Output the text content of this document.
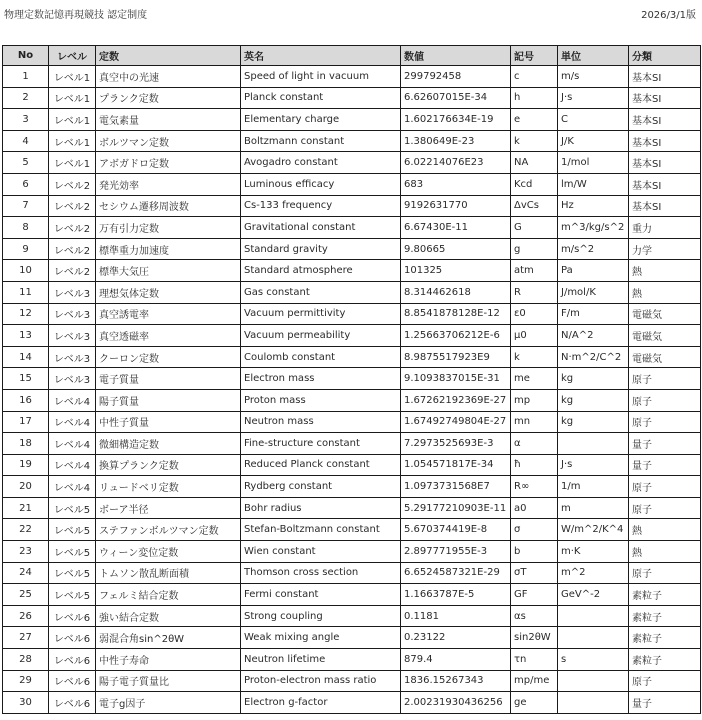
物理定数記憶再現競技 認定制度	2026/3/1版
No	レベル	定数	英名	数値	記号	単位	分類
1	レベル1	真空中の光速	Speed of light in vacuum	299792458	c	m/s	基本SI
2	レベル1	プランク定数	Planck constant	6.62607015E-34	h	J·s	基本SI
3	レベル1	電気素量	Elementary charge	1.602176634E-19	e	C	基本SI
4	レベル1	ボルツマン定数	Boltzmann constant	1.380649E-23	k	J/K	基本SI
5	レベル1	アボガドロ定数	Avogadro constant	6.02214076E23	NA	1/mol	基本SI
6	レベル2	発光効率	Luminous efficacy	683	Kcd	lm/W	基本SI
7	レベル2	セシウム遷移周波数	Cs-133 frequency	9192631770	ΔvCs	Hz	基本SI
8	レベル2	万有引力定数	Gravitational constant	6.67430E-11	G	m^3/kg/s^2	重力
9	レベル2	標準重力加速度	Standard gravity	9.80665	g	m/s^2	力学
10	レベル2	標準大気圧	Standard atmosphere	101325	atm	Pa	熱
11	レベル3	理想気体定数	Gas constant	8.314462618	R	J/mol/K	熱
12	レベル3	真空誘電率	Vacuum permittivity	8.8541878128E-12	ε0	F/m	電磁気
13	レベル3	真空透磁率	Vacuum permeability	1.25663706212E-6	μ0	N/A^2	電磁気
14	レベル3	クーロン定数	Coulomb constant	8.9875517923E9	k	N·m^2/C^2	電磁気
15	レベル3	電子質量	Electron mass	9.1093837015E-31	me	kg	原子
16	レベル4	陽子質量	Proton mass	1.67262192369E-27	mp	kg	原子
17	レベル4	中性子質量	Neutron mass	1.67492749804E-27	mn	kg	原子
18	レベル4	微細構造定数	Fine-structure constant	7.2973525693E-3	α		量子
19	レベル4	換算プランク定数	Reduced Planck constant	1.054571817E-34	ħ	J·s	量子
20	レベル4	リュードベリ定数	Rydberg constant	1.0973731568E7	R∞	1/m	原子
21	レベル5	ボーア半径	Bohr radius	5.29177210903E-11	a0	m	原子
22	レベル5	ステファンボルツマン定数	Stefan-Boltzmann constant	5.670374419E-8	σ	W/m^2/K^4	熱
23	レベル5	ウィーン変位定数	Wien constant	2.897771955E-3	b	m·K	熱
24	レベル5	トムソン散乱断面積	Thomson cross section	6.6524587321E-29	σT	m^2	原子
25	レベル5	フェルミ結合定数	Fermi constant	1.1663787E-5	GF	GeV^-2	素粒子
26	レベル6	強い結合定数	Strong coupling	0.1181	αs		素粒子
27	レベル6	弱混合角sin^2θW	Weak mixing angle	0.23122	sin2θW		素粒子
28	レベル6	中性子寿命	Neutron lifetime	879.4	τn	s	素粒子
29	レベル6	陽子電子質量比	Proton-electron mass ratio	1836.15267343	mp/me		原子
30	レベル6	電子g因子	Electron g-factor	2.00231930436256	ge		量子
